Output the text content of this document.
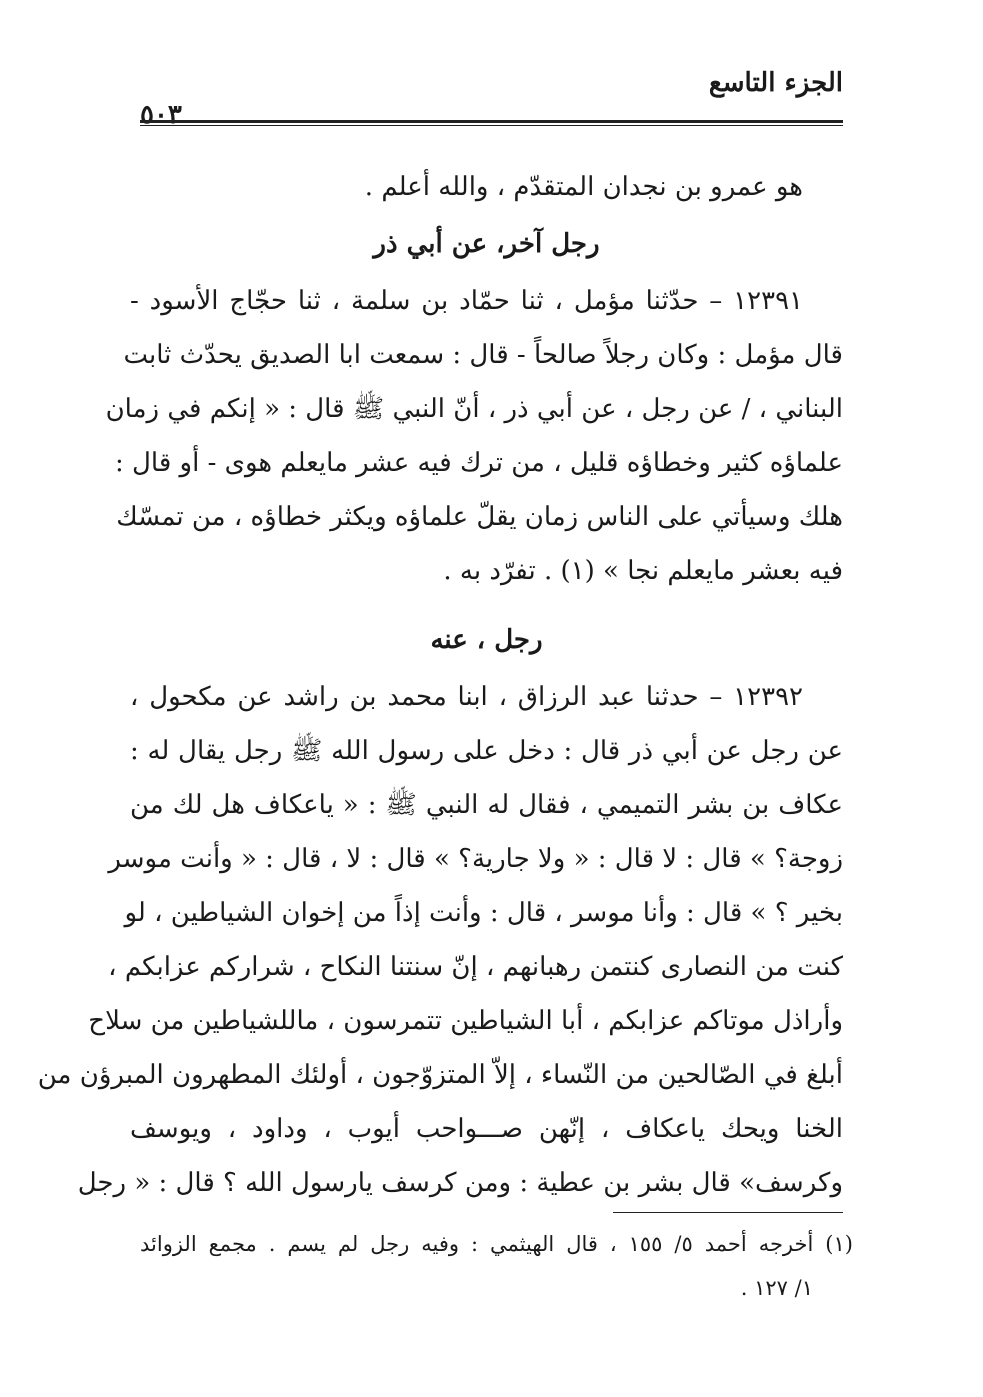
الجزء التاسع
٥٠٣
هو عمرو بن نجدان المتقدّم ، والله أعلم .
رجل آخر، عن أبي ذر
١٢٣٩١ – حدّثنا مؤمل ، ثنا حمّاد بن سلمة ، ثنا حجّاج الأسود -
قال مؤمل : وكان رجلاً صالحاً - قال : سمعت ابا الصديق يحدّث ثابت
البناني ، / عن رجل ، عن أبي ذر ، أنّ النبي ﷺ قال : « إنكم في زمان
علماؤه كثير وخطاؤه قليل ، من ترك فيه عشر مايعلم هوى - أو قال :
هلك وسيأتي على الناس زمان يقلّ علماؤه ويكثر خطاؤه ، من تمسّك
فيه بعشر مايعلم نجا » (١) . تفرّد به .
رجل ، عنه
١٢٣٩٢ – حدثنا عبد الرزاق ، ابنا محمد بن راشد عن مكحول ،
عن رجل عن أبي ذر قال : دخل على رسول الله ﷺ رجل يقال له :
عكاف بن بشر التميمي ، فقال له النبي ﷺ : « ياعكاف هل لك من
زوجة؟ » قال : لا قال : « ولا جارية؟ » قال : لا ، قال : « وأنت موسر
بخير ؟ » قال : وأنا موسر ، قال : وأنت إذاً من إخوان الشياطين ، لو
كنت من النصارى كنتمن رهبانهم ، إنّ سنتنا النكاح ، شراركم عزابكم ،
وأراذل موتاكم عزابكم ، أبا الشياطين تتمرسون ، ماللشياطين من سلاح
أبلغ في الصّالحين من النّساء ، إلاّ المتزوّجون ، أولئك المطهرون المبرؤن من
الخنا ويحك ياعكاف ، إنّهن صـــواحب أيوب ، وداود ، ويوسف
وكرسف» قال بشر بن عطية : ومن كرسف يارسول الله ؟ قال : « رجل
(١) أخرجه أحمد ٥/ ١٥٥ ، قال الهيثمي : وفيه رجل لم يسم . مجمع الزوائد
١/ ١٢٧ .
